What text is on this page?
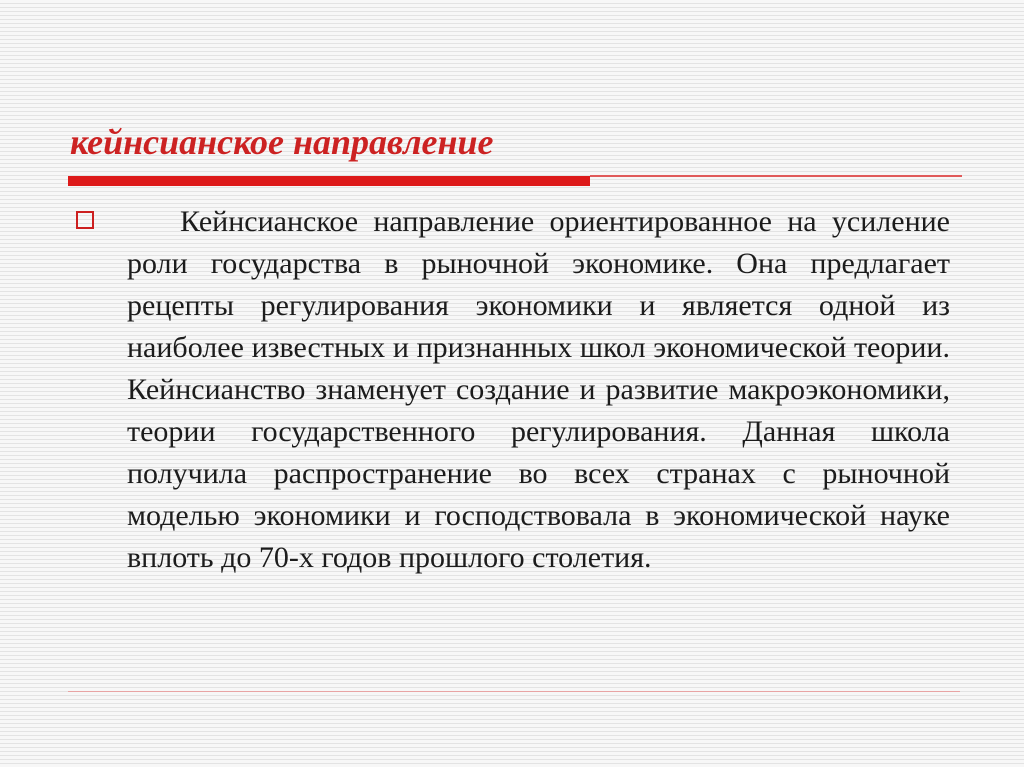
кейнсианское направление

Кейнсианское направление ориентированное на усиление роли государства в рыночной экономике. Она предлагает рецепты регулирования экономики и является одной из наиболее известных и признанных школ экономической теории. Кейнсианство знаменует создание и развитие макроэкономики, теории государственного регулирования. Данная школа получила распространение во всех странах с рыночной моделью экономики и господствовала в экономической науке вплоть до 70-х годов прошлого столетия.
